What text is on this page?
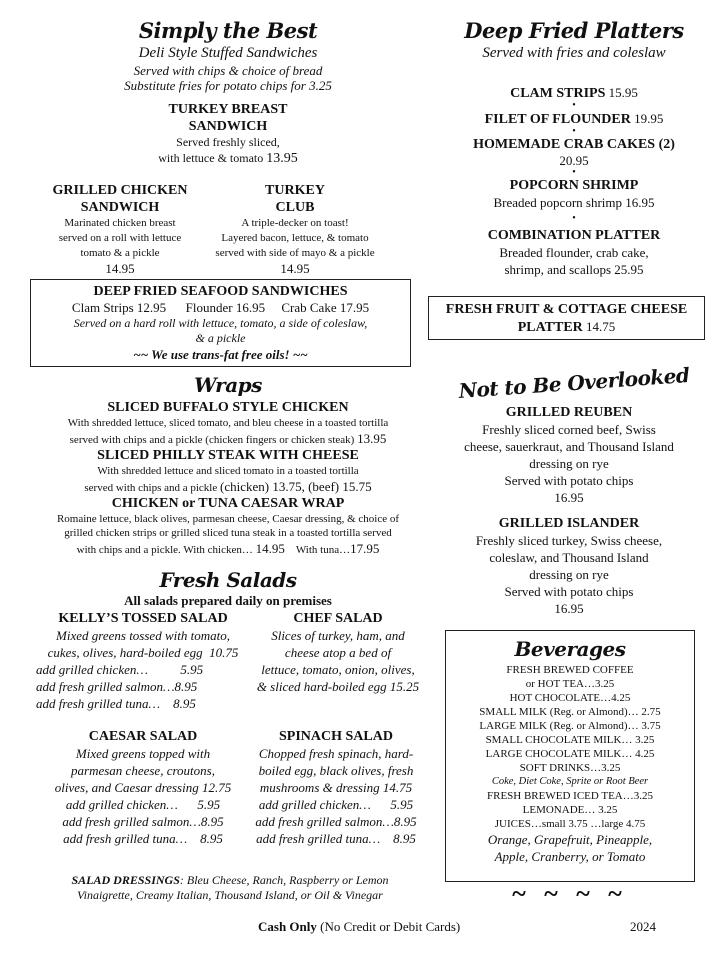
Simply the Best
Deli Style Stuffed Sandwiches
Served with chips & choice of bread
Substitute fries for potato chips for 3.25
TURKEY BREAST
SANDWICH
Served freshly sliced,
with lettuce & tomato 13.95
GRILLED CHICKEN
SANDWICH
Marinated chicken breast
served on a roll with lettuce
tomato & a pickle
14.95
TURKEY
CLUB
A triple-decker on toast!
Layered bacon, lettuce, & tomato
served with side of mayo & a pickle
14.95
DEEP FRIED SEAFOOD SANDWICHES
Clam Strips 12.95      Flounder 16.95     Crab Cake 17.95
Served on a hard roll with lettuce, tomato, a side of coleslaw,
& a pickle
~~ We use trans-fat free oils! ~~
Wraps
SLICED BUFFALO STYLE CHICKEN
With shredded lettuce, sliced tomato, and bleu cheese in a toasted tortilla
served with chips and a pickle (chicken fingers or chicken steak) 13.95
SLICED PHILLY STEAK WITH CHEESE
With shredded lettuce and sliced tomato in a toasted tortilla
served with chips and a pickle (chicken) 13.75, (beef) 15.75
CHICKEN or TUNA CAESAR WRAP
Romaine lettuce, black olives, parmesan cheese, Caesar dressing, & choice of
grilled chicken strips or grilled sliced tuna steak in a toasted tortilla served
with chips and a pickle. With chicken… 14.95 With tuna…17.95
Fresh Salads
All salads prepared daily on premises
KELLY’S TOSSED SALAD
Mixed greens tossed with tomato,
cukes, olives, hard-boiled egg  10.75
add grilled chicken…          5.95
add fresh grilled salmon…8.95
add fresh grilled tuna…    8.95
CHEF SALAD
Slices of turkey, ham, and
cheese atop a bed of
lettuce, tomato, onion, olives,
& sliced hard-boiled egg 15.25
CAESAR SALAD
Mixed greens topped with
parmesan cheese, croutons,
olives, and Caesar dressing 12.75
add grilled chicken…      5.95
add fresh grilled salmon…8.95
add fresh grilled tuna…    8.95
SPINACH SALAD
Chopped fresh spinach, hard-
boiled egg, black olives, fresh
mushrooms & dressing 14.75
add grilled chicken…      5.95
add fresh grilled salmon…8.95
add fresh grilled tuna…    8.95
SALAD DRESSINGS: Bleu Cheese, Ranch, Raspberry or Lemon
Vinaigrette, Creamy Italian, Thousand Island, or Oil & Vinegar
Deep Fried Platters
Served with fries and coleslaw
CLAM STRIPS 15.95
•
FILET OF FLOUNDER 19.95
•
HOMEMADE CRAB CAKES (2)
20.95
•
POPCORN SHRIMP
Breaded popcorn shrimp 16.95
•
COMBINATION PLATTER
Breaded flounder, crab cake,
shrimp, and scallops 25.95
FRESH FRUIT & COTTAGE CHEESE
PLATTER 14.75
Not to Be Overlooked
GRILLED REUBEN
Freshly sliced corned beef, Swiss
cheese, sauerkraut, and Thousand Island
dressing on rye
Served with potato chips
16.95
GRILLED ISLANDER
Freshly sliced turkey, Swiss cheese,
coleslaw, and Thousand Island
dressing on rye
Served with potato chips
16.95
Beverages
FRESH BREWED COFFEE
or HOT TEA…3.25
HOT CHOCOLATE…4.25
SMALL MILK (Reg. or Almond)… 2.75
LARGE MILK (Reg. or Almond)… 3.75
SMALL CHOCOLATE MILK… 3.25
LARGE CHOCOLATE MILK… 4.25
SOFT DRINKS…3.25
Coke, Diet Coke, Sprite or Root Beer
FRESH BREWED ICED TEA…3.25
LEMONADE… 3.25
JUICES…small 3.75 …large 4.75
Orange, Grapefruit, Pineapple,
Apple, Cranberry, or Tomato
~ ~ ~ ~
Cash Only (No Credit or Debit Cards)	2024
